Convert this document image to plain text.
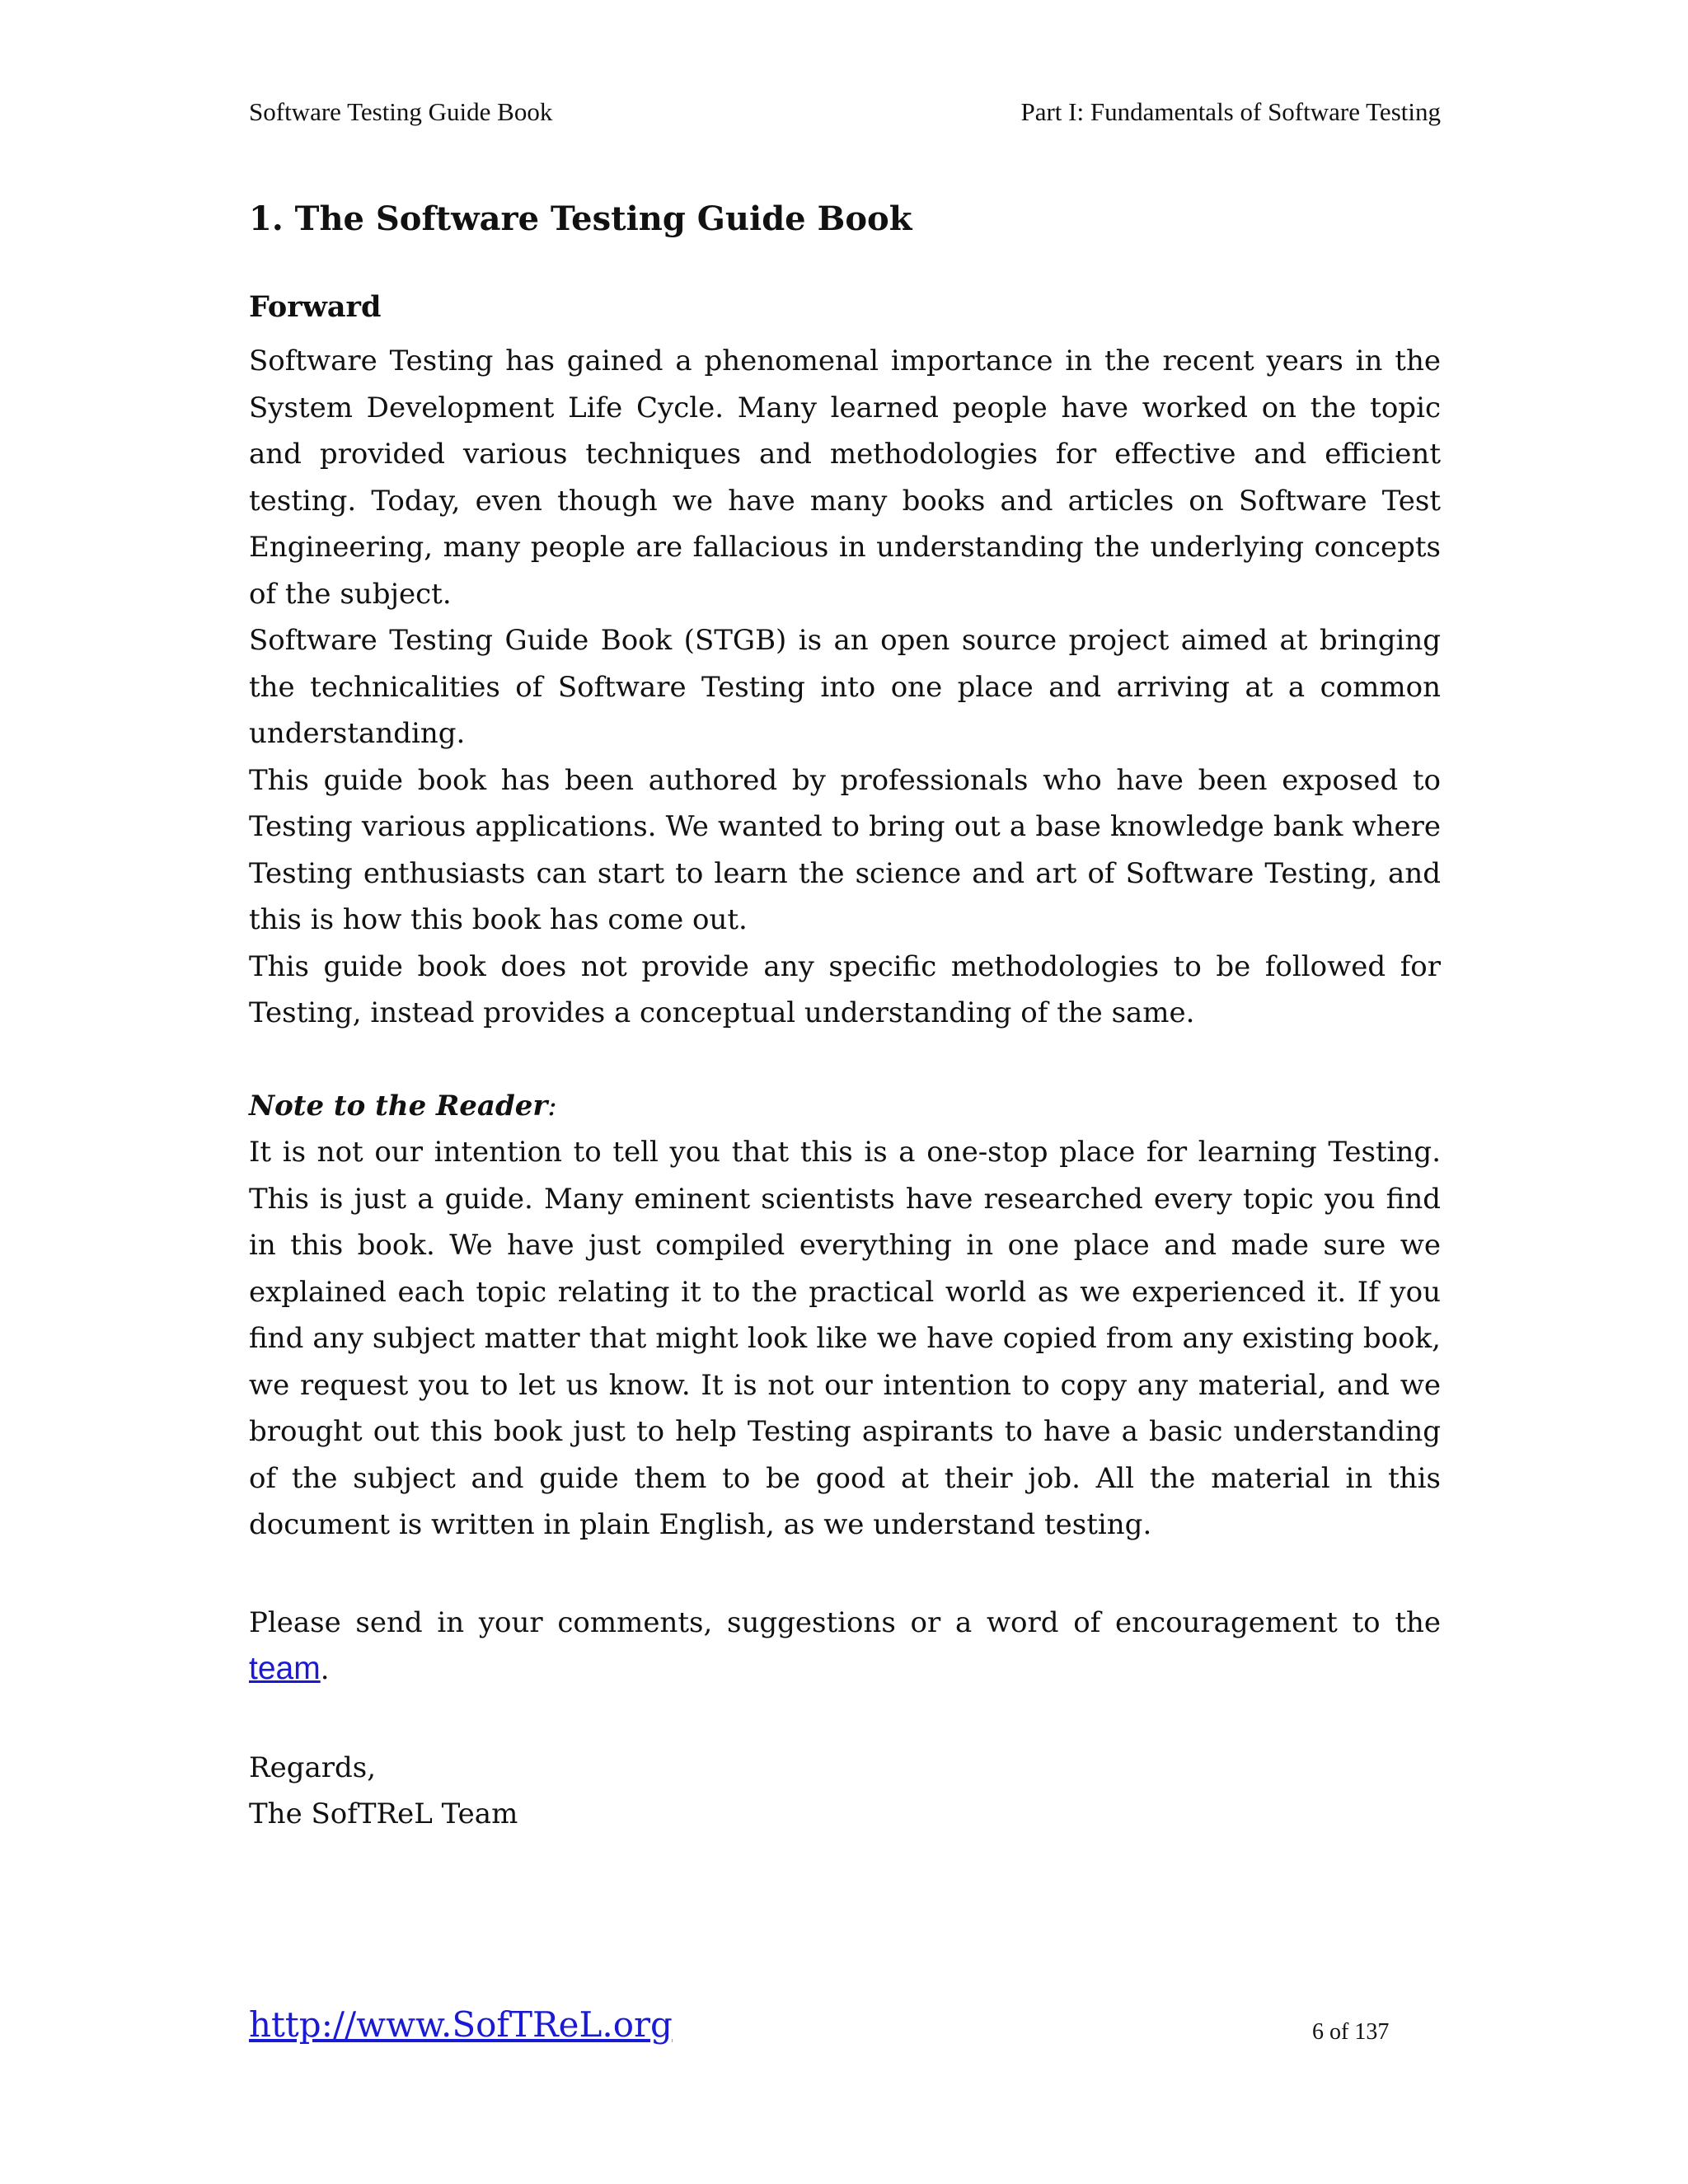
Software Testing Guide Book	Part I: Fundamentals of Software Testing
1. The Software Testing Guide Book
Forward

Software Testing has gained a phenomenal importance in the recent years in the System Development Life Cycle. Many learned people have worked on the topic and provided various techniques and methodologies for effective and efficient testing. Today, even though we have many books and articles on Software Test Engineering, many people are fallacious in understanding the underlying concepts of the subject.

Software Testing Guide Book (STGB) is an open source project aimed at bringing the technicalities of Software Testing into one place and arriving at a common understanding.

This guide book has been authored by professionals who have been exposed to Testing various applications. We wanted to bring out a base knowledge bank where Testing enthusiasts can start to learn the science and art of Software Testing, and this is how this book has come out.

This guide book does not provide any specific methodologies to be followed for Testing, instead provides a conceptual understanding of the same.

Note to the Reader:

It is not our intention to tell you that this is a one-stop place for learning Testing. This is just a guide. Many eminent scientists have researched every topic you find in this book. We have just compiled everything in one place and made sure we explained each topic relating it to the practical world as we experienced it. If you find any subject matter that might look like we have copied from any existing book, we request you to let us know. It is not our intention to copy any material, and we brought out this book just to help Testing aspirants to have a basic understanding of the subject and guide them to be good at their job. All the material in this document is written in plain English, as we understand testing.

Please send in your comments, suggestions or a word of encouragement to the team.

Regards,

The SofTReL Team

http://www.SofTReL.org	6 of 137
